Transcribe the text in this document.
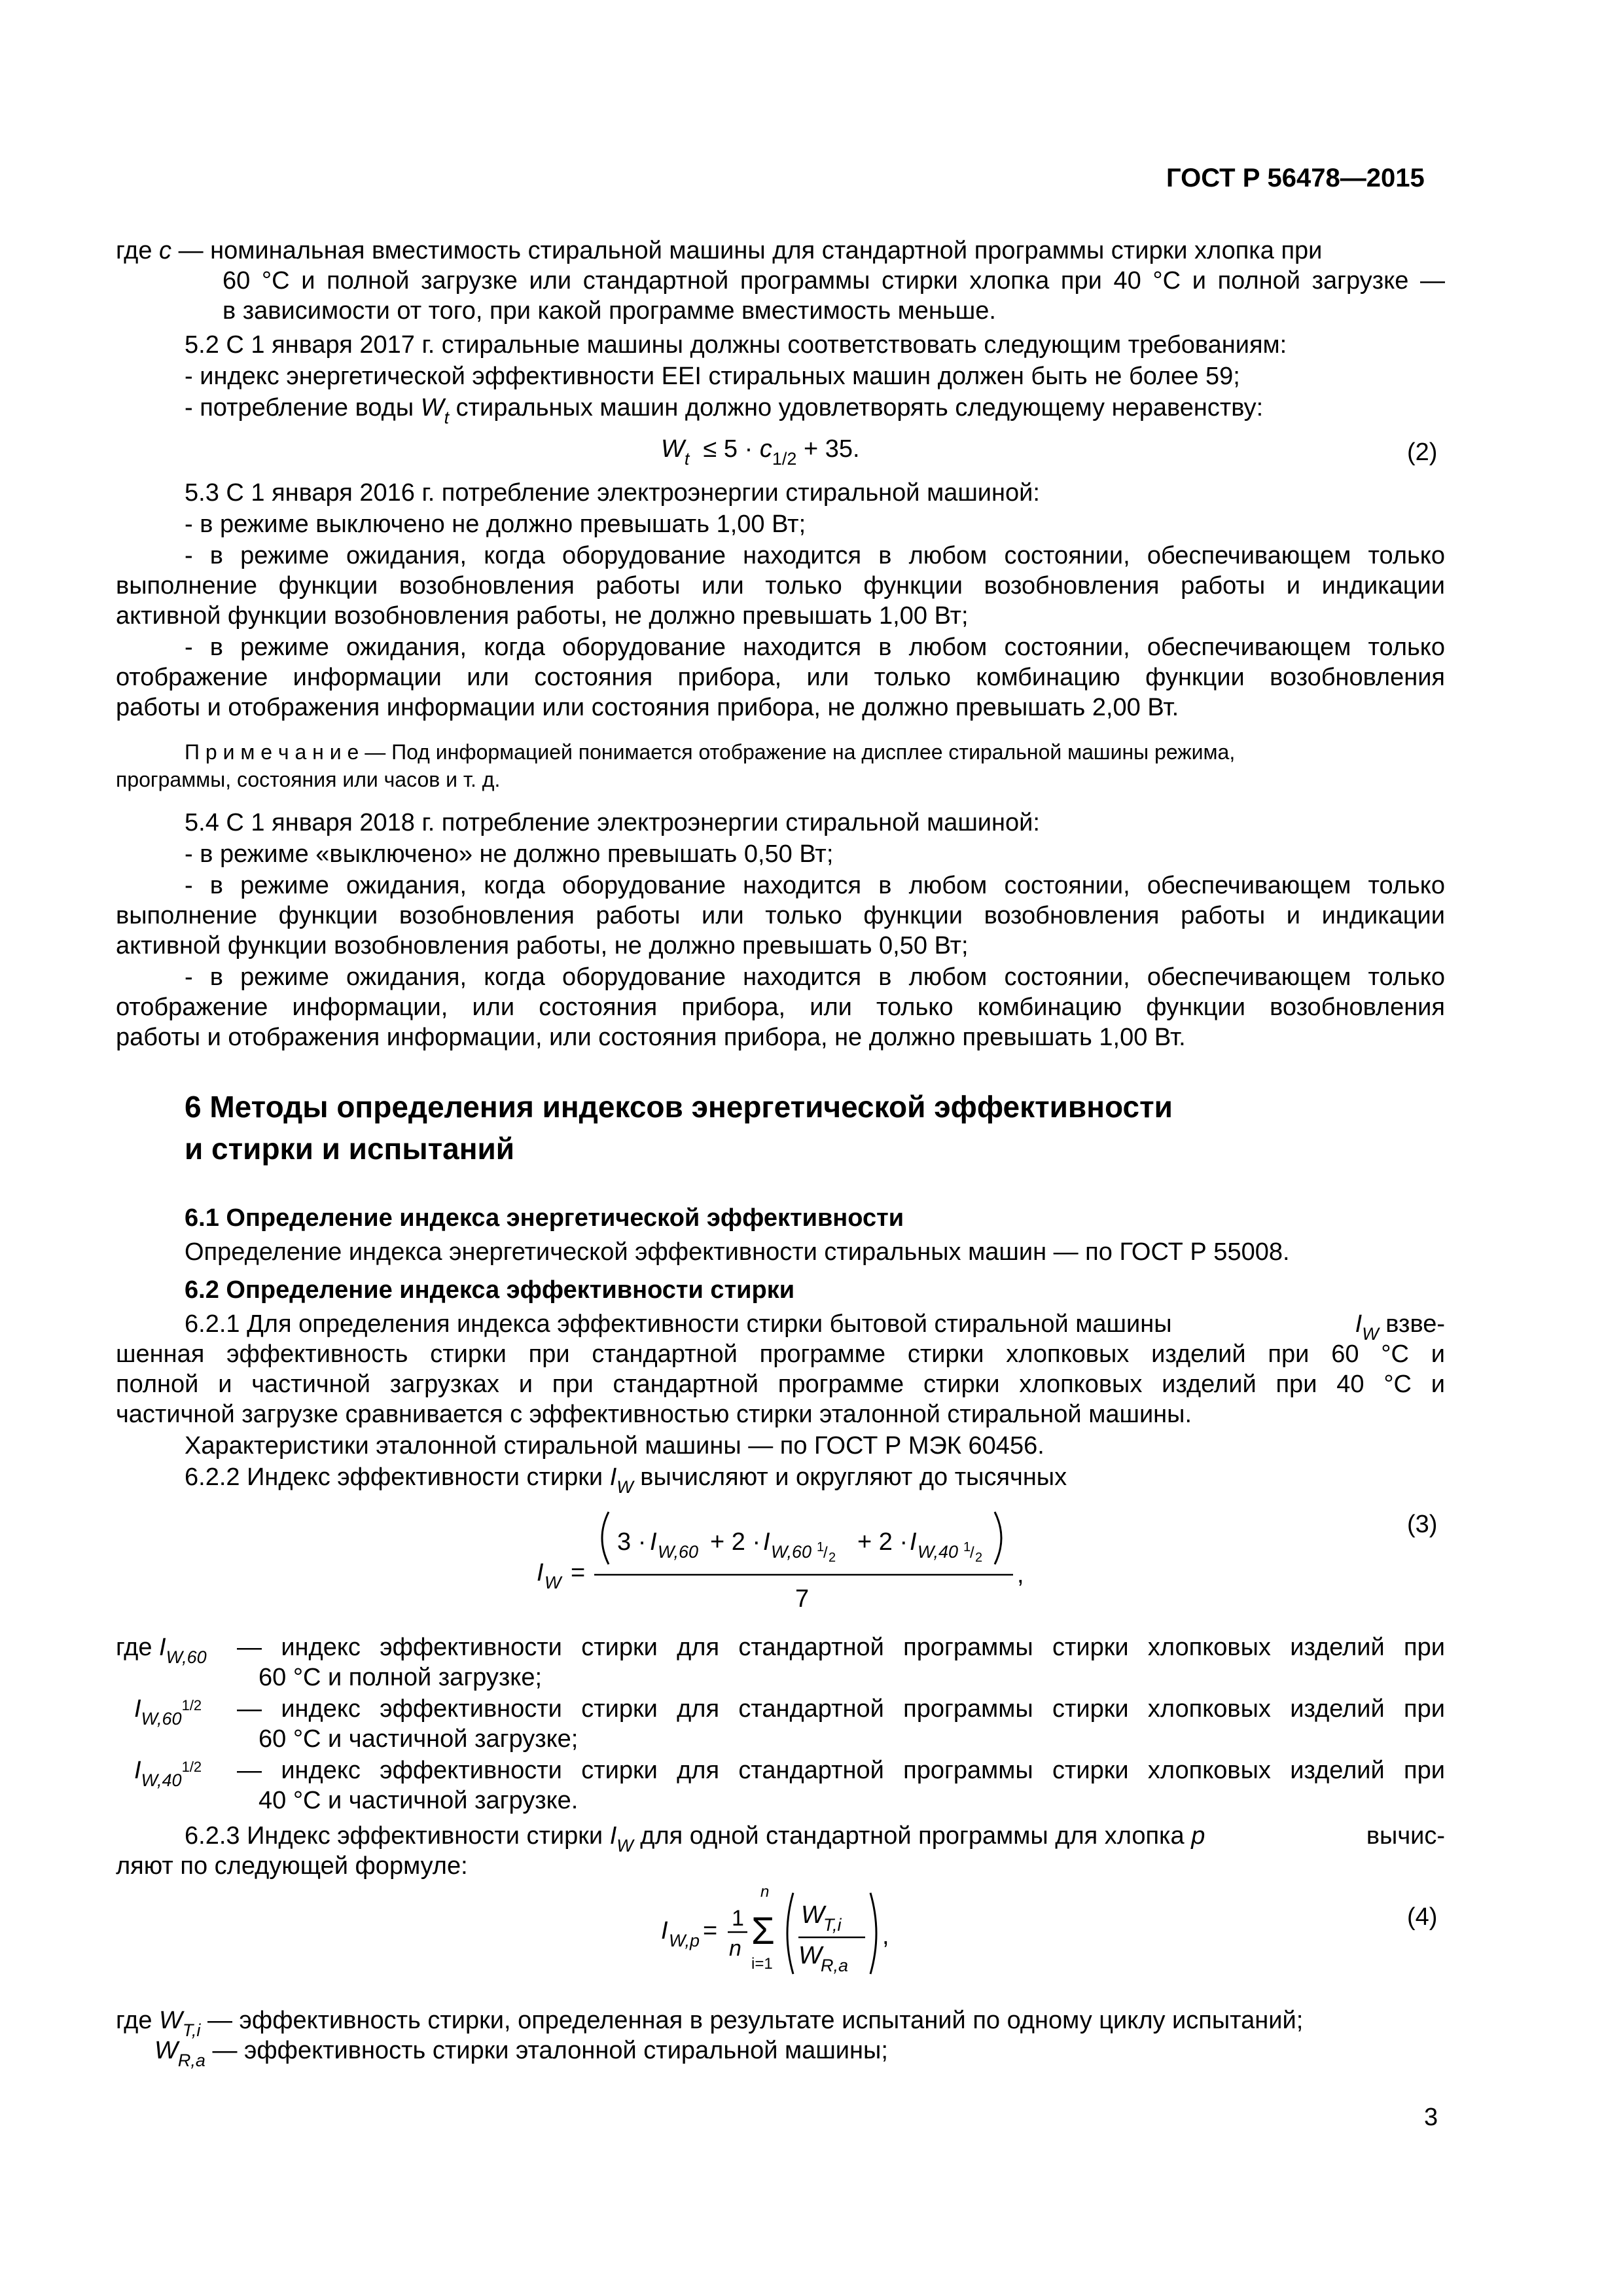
ГОСТ Р 56478—2015
где c — номинальная вместимость стиральной машины для стандартной программы стирки хлопка при
60 °C и полной загрузке или стандартной программы стирки хлопка при 40 °C и полной загрузке —
в зависимости от того, при какой программе вместимость меньше.
5.2 С 1 января 2017 г. стиральные машины должны соответствовать следующим требованиям:
- индекс энергетической эффективности EEI стиральных машин должен быть не более 59;
- потребление воды $W_t$ стиральных машин должно удовлетворять следующему неравенству:
$W_t \le 5 \cdot c_{1/2} + 35$.	(2)
5.3 С 1 января 2016 г. потребление электроэнергии стиральной машиной:
- в режиме выключено не должно превышать 1,00 Вт;
- в режиме ожидания, когда оборудование находится в любом состоянии, обеспечивающем только
выполнение функции возобновления работы или только функции возобновления работы и индикации
активной функции возобновления работы, не должно превышать 1,00 Вт;
- в режиме ожидания, когда оборудование находится в любом состоянии, обеспечивающем только
отображение информации или состояния прибора, или только комбинацию функции возобновления
работы и отображения информации или состояния прибора, не должно превышать 2,00 Вт.
П р и м е ч а н и е — Под информацией понимается отображение на дисплее стиральной машины режима,
программы, состояния или часов и т. д.
5.4 С 1 января 2018 г. потребление электроэнергии стиральной машиной:
- в режиме «выключено» не должно превышать 0,50 Вт;
- в режиме ожидания, когда оборудование находится в любом состоянии, обеспечивающем только
выполнение функции возобновления работы или только функции возобновления работы и индикации
активной функции возобновления работы, не должно превышать 0,50 Вт;
- в режиме ожидания, когда оборудование находится в любом состоянии, обеспечивающем только
отображение информации, или состояния прибора, или только комбинацию функции возобновления
работы и отображения информации, или состояния прибора, не должно превышать 1,00 Вт.
6 Методы определения индексов энергетической эффективности
и стирки и испытаний
6.1 Определение индекса энергетической эффективности
Определение индекса энергетической эффективности стиральных машин — по ГОСТ Р 55008.
6.2 Определение индекса эффективности стирки
6.2.1 Для определения индекса эффективности стирки бытовой стиральной машины	$I_W$ взве-
шенная эффективность стирки при стандартной программе стирки хлопковых изделий при 60 °C и
полной и частичной загрузках и при стандартной программе стирки хлопковых изделий при 40 °C и
частичной загрузке сравнивается с эффективностью стирки эталонной стиральной машины.
Характеристики эталонной стиральной машины — по ГОСТ Р МЭК 60456.
6.2.2 Индекс эффективности стирки $I_W$ вычисляют и округляют до тысячных
I W =
3 · I W,60 + 2 · I W,60 1
/ 2
+ 2 · I W,40 1
/ 2
7
,
(3)
где $I_{W,60}$ — индекс эффективности стирки для стандартной программы стирки хлопковых изделий при
60 °C и полной загрузке;
$I_{W,60}^{1/2}$ — индекс эффективности стирки для стандартной программы стирки хлопковых изделий при
60 °C и частичной загрузке;
$I_{W,40}^{1/2}$ — индекс эффективности стирки для стандартной программы стирки хлопковых изделий при
40 °C и частичной загрузке.
6.2.3 Индекс эффективности стирки $I_W$ для одной стандартной программы для хлопка p	вычис-
ляют по следующей формуле:
I W,p = 1
n
n
Σ
i=1
W
T,i
W
R,a
,
(4)
где $W_{T,i}$ — эффективность стирки, определенная в результате испытаний по одному циклу испытаний;
$W_{R,a}$ — эффективность стирки эталонной стиральной машины;
3
